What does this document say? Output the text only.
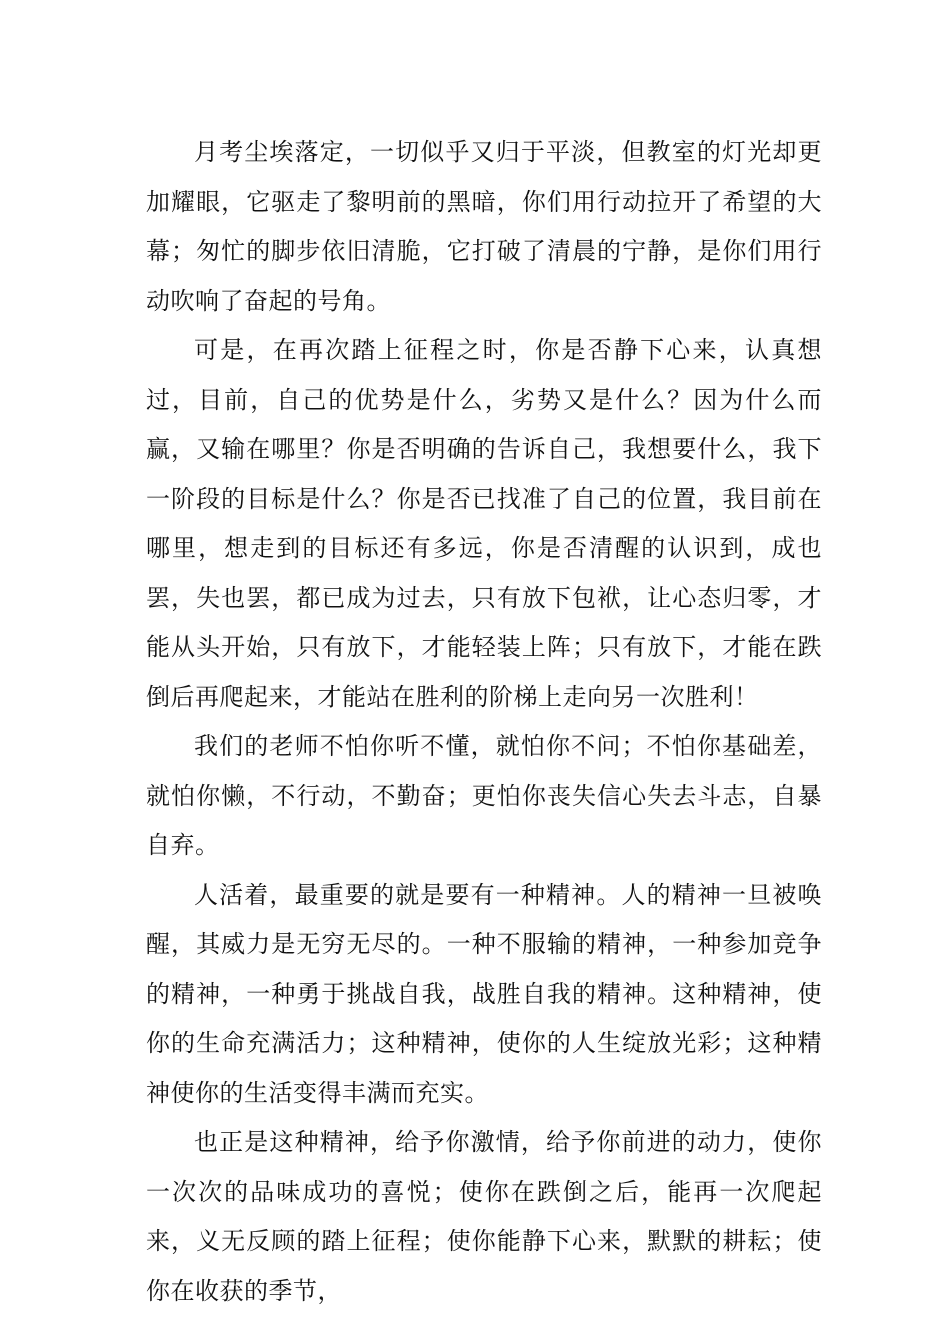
月考尘埃落定，一切似乎又归于平淡，但教室的灯光却更加耀眼，它驱走了黎明前的黑暗，你们用行动拉开了希望的大幕；匆忙的脚步依旧清脆，它打破了清晨的宁静，是你们用行动吹响了奋起的号角。

可是，在再次踏上征程之时，你是否静下心来，认真想过，目前，自己的优势是什么，劣势又是什么？因为什么而赢，又输在哪里？你是否明确的告诉自己，我想要什么，我下一阶段的目标是什么？你是否已找准了自己的位置，我目前在哪里，想走到的目标还有多远，你是否清醒的认识到，成也罢，失也罢，都已成为过去，只有放下包袱，让心态归零，才能从头开始，只有放下，才能轻装上阵；只有放下，才能在跌倒后再爬起来，才能站在胜利的阶梯上走向另一次胜利！

我们的老师不怕你听不懂，就怕你不问；不怕你基础差，就怕你懒，不行动，不勤奋；更怕你丧失信心失去斗志，自暴自弃。

人活着，最重要的就是要有一种精神。人的精神一旦被唤醒，其威力是无穷无尽的。一种不服输的精神，一种参加竞争的精神，一种勇于挑战自我，战胜自我的精神。这种精神，使你的生命充满活力；这种精神，使你的人生绽放光彩；这种精神使你的生活变得丰满而充实。

也正是这种精神，给予你激情，给予你前进的动力，使你一次次的品味成功的喜悦；使你在跌倒之后，能再一次爬起来，义无反顾的踏上征程；使你能静下心来，默默的耕耘；使你在收获的季节，
